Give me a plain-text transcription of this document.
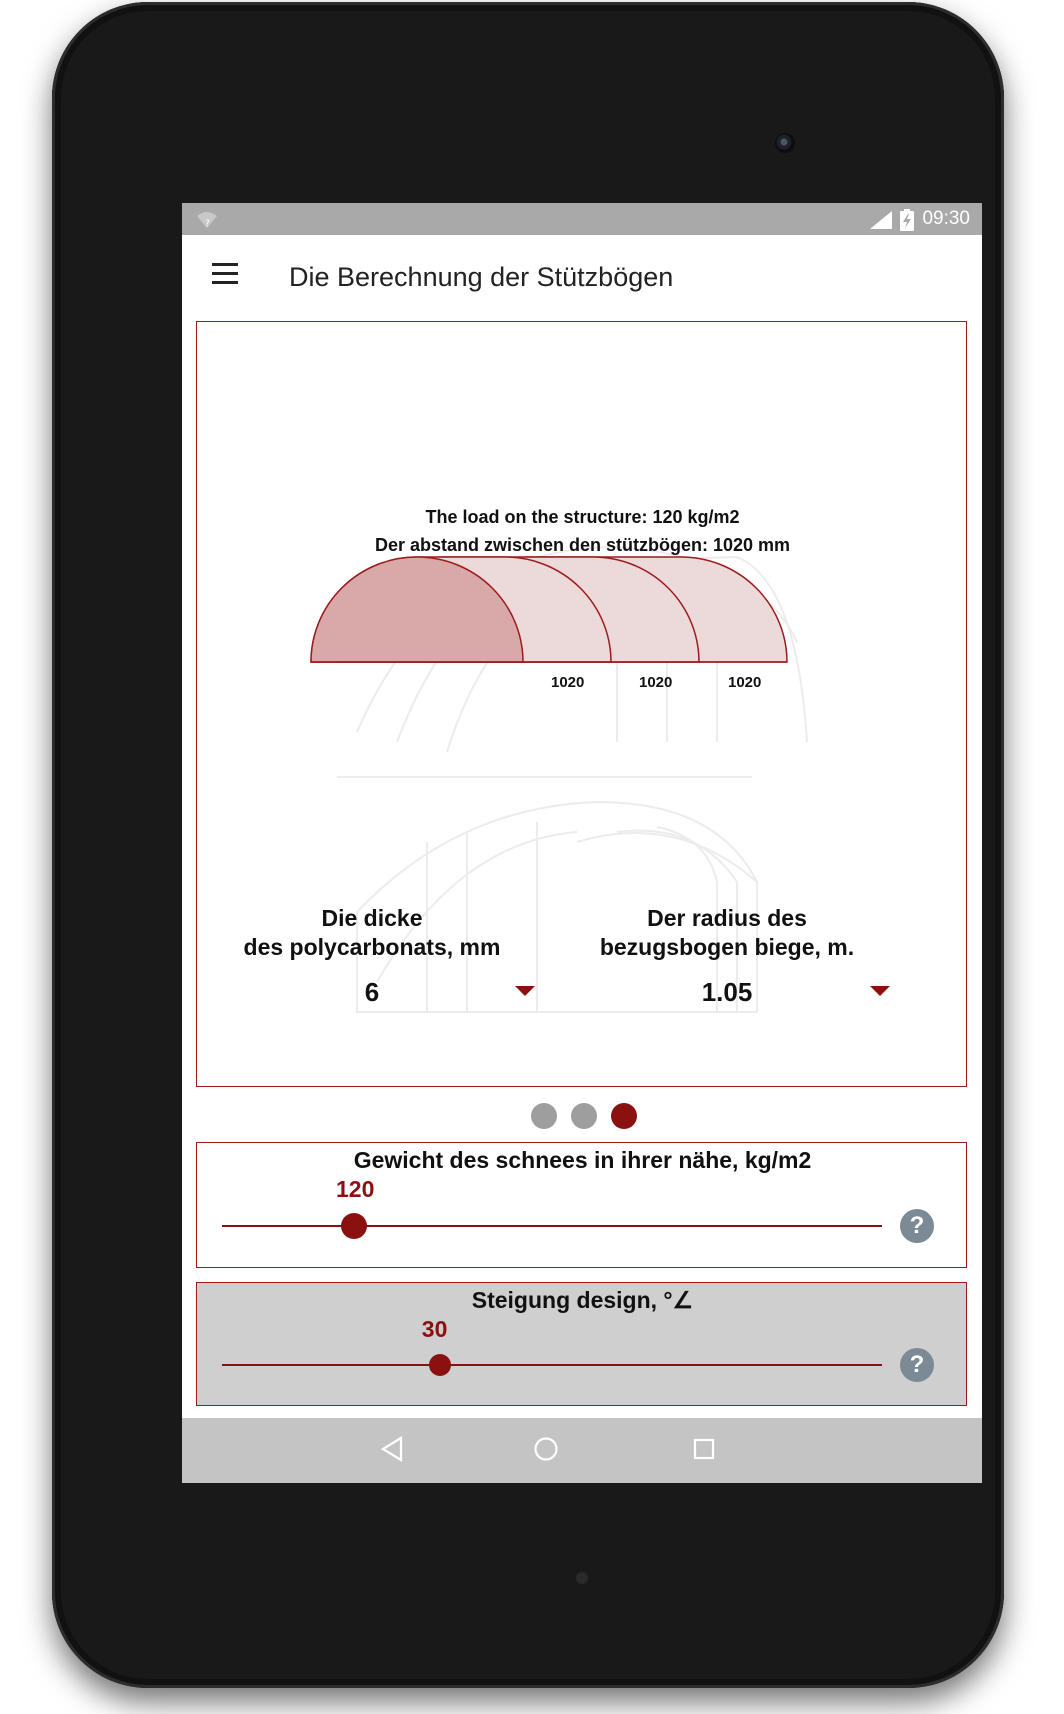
?	09:30
Die Berechnung der Stützbögen
The load on the structure: 120 kg/m2
Der abstand zwischen den stützbögen: 1020 mm
1020	1020	1020
Die dicke
des polycarbonats, mm
6
Der radius des
bezugsbogen biege, m.
1.05
Gewicht des schnees in ihrer nähe, kg/m2
120
?
Steigung design, °∠
30
?
